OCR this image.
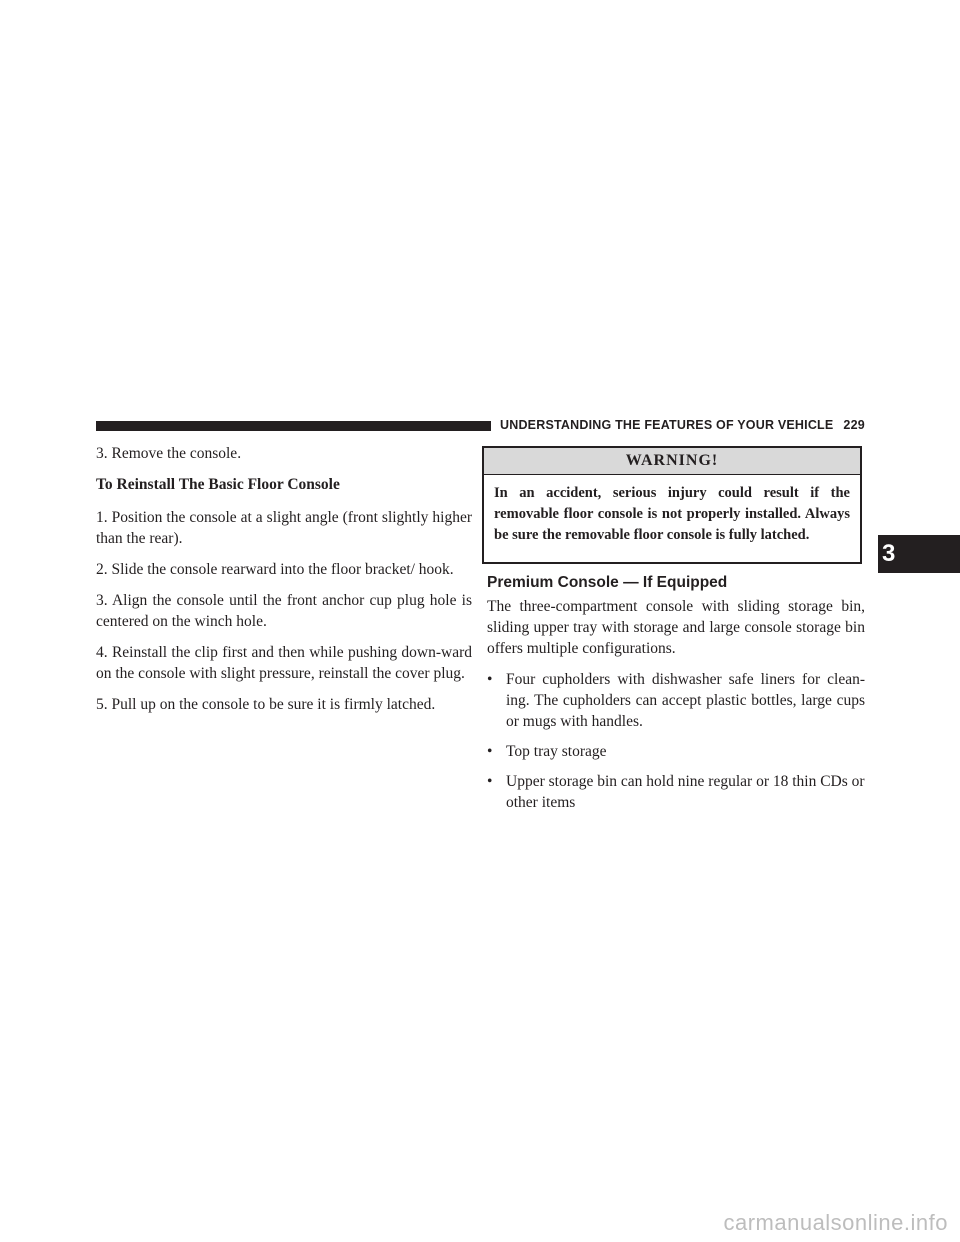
UNDERSTANDING THE FEATURES OF YOUR VEHICLE 229

3. Remove the console.

To Reinstall The Basic Floor Console

1. Position the console at a slight angle (front slightly higher than the rear).

2. Slide the console rearward into the floor bracket/ hook.

3. Align the console until the front anchor cup plug hole is centered on the winch hole.

4. Reinstall the clip first and then while pushing down-ward on the console with slight pressure, reinstall the cover plug.

5. Pull up on the console to be sure it is firmly latched.

WARNING!
In an accident, serious injury could result if the removable floor console is not properly installed. Always be sure the removable floor console is fully latched.
3
Premium Console — If Equipped

The three-compartment console with sliding storage bin, sliding upper tray with storage and large console storage bin offers multiple configurations.

• Four cupholders with dishwasher safe liners for clean-ing. The cupholders can accept plastic bottles, large cups or mugs with handles.
• Top tray storage
• Upper storage bin can hold nine regular or 18 thin CDs or other items
carmanualsonline.info
